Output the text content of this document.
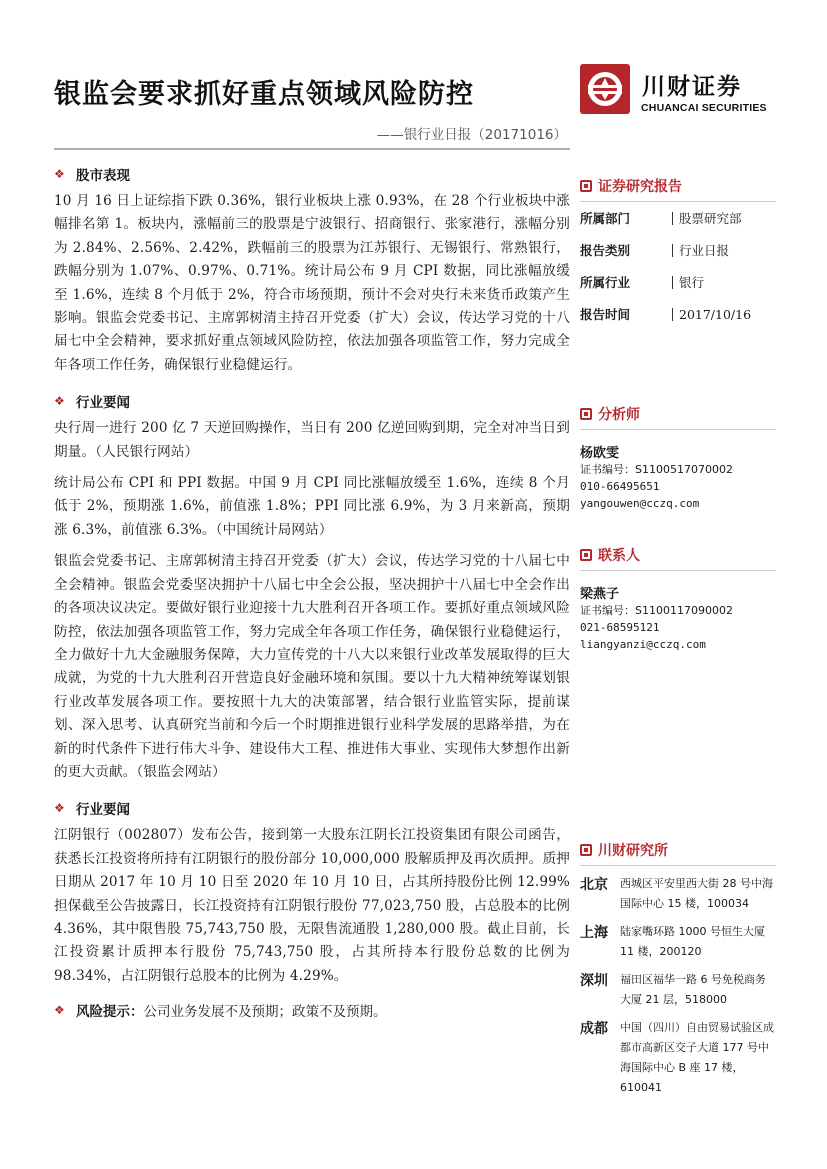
银监会要求抓好重点领域风险防控
——银行业日报（20171016）
川财证券
CHUANCAI SECURITIES
❖ 股市表现

10 月 16 日上证综指下跌 0.36%，银行业板块上涨 0.93%，在 28 个行业板块中涨幅排名第 1。板块内，涨幅前三的股票是宁波银行、招商银行、张家港行，涨幅分别为 2.84%、2.56%、2.42%，跌幅前三的股票为江苏银行、无锡银行、常熟银行，跌幅分别为 1.07%、0.97%、0.71%。统计局公布 9 月 CPI 数据，同比涨幅放缓至 1.6%，连续 8 个月低于 2%，符合市场预期，预计不会对央行未来货币政策产生影响。银监会党委书记、主席郭树清主持召开党委（扩大）会议，传达学习党的十八届七中全会精神，要求抓好重点领域风险防控，依法加强各项监管工作，努力完成全年各项工作任务，确保银行业稳健运行。

❖ 行业要闻

央行周一进行 200 亿 7 天逆回购操作，当日有 200 亿逆回购到期，完全对冲当日到期量。（人民银行网站）

统计局公布 CPI 和 PPI 数据。中国 9 月 CPI 同比涨幅放缓至 1.6%，连续 8 个月低于 2%，预期涨 1.6%，前值涨 1.8%；PPI 同比涨 6.9%，为 3 月来新高，预期涨 6.3%，前值涨 6.3%。（中国统计局网站）

银监会党委书记、主席郭树清主持召开党委（扩大）会议，传达学习党的十八届七中全会精神。银监会党委坚决拥护十八届七中全会公报，坚决拥护十八届七中全会作出的各项决议决定。要做好银行业迎接十九大胜利召开各项工作。要抓好重点领域风险防控，依法加强各项监管工作，努力完成全年各项工作任务，确保银行业稳健运行，全力做好十九大金融服务保障，大力宣传党的十八大以来银行业改革发展取得的巨大成就，为党的十九大胜利召开营造良好金融环境和氛围。要以十九大精神统筹谋划银行业改革发展各项工作。要按照十九大的决策部署，结合银行业监管实际，提前谋划、深入思考、认真研究当前和今后一个时期推进银行业科学发展的思路举措，为在新的时代条件下进行伟大斗争、建设伟大工程、推进伟大事业、实现伟大梦想作出新的更大贡献。（银监会网站）

❖ 行业要闻

江阴银行（002807）发布公告，接到第一大股东江阴长江投资集团有限公司函告，获悉长江投资将所持有江阴银行的股份部分 10,000,000 股解质押及再次质押。质押日期从 2017 年 10 月 10 日至 2020 年 10 月 10 日，占其所持股份比例 12.99% 担保截至公告披露日，长江投资持有江阴银行股份 77,023,750 股，占总股本的比例 4.36%，其中限售股 75,743,750 股，无限售流通股 1,280,000 股。截止目前，长江投资累计质押本行股份 75,743,750 股，占其所持本行股份总数的比例为 98.34%，占江阴银行总股本的比例为 4.29%。

❖ 风险提示： 公司业务发展不及预期；政策不及预期。
证券研究报告
所属部门	股票研究部
报告类别	行业日报
所属行业	银行
报告时间	2017/10/16
分析师
杨欧雯
证书编号：S1100517070002
010-66495651
yangouwen@cczq.com
联系人
梁燕子
证书编号：S1100117090002
021-68595121
liangyanzi@cczq.com
川财研究所
北京	西城区平安里西大街 28 号中海国际中心 15 楼，100034
上海	陆家嘴环路 1000 号恒生大厦 11 楼，200120
深圳	福田区福华一路 6 号免税商务大厦 21 层，518000
成都	中国（四川）自由贸易试验区成都市高新区交子大道 177 号中海国际中心 B 座 17 楼，610041
